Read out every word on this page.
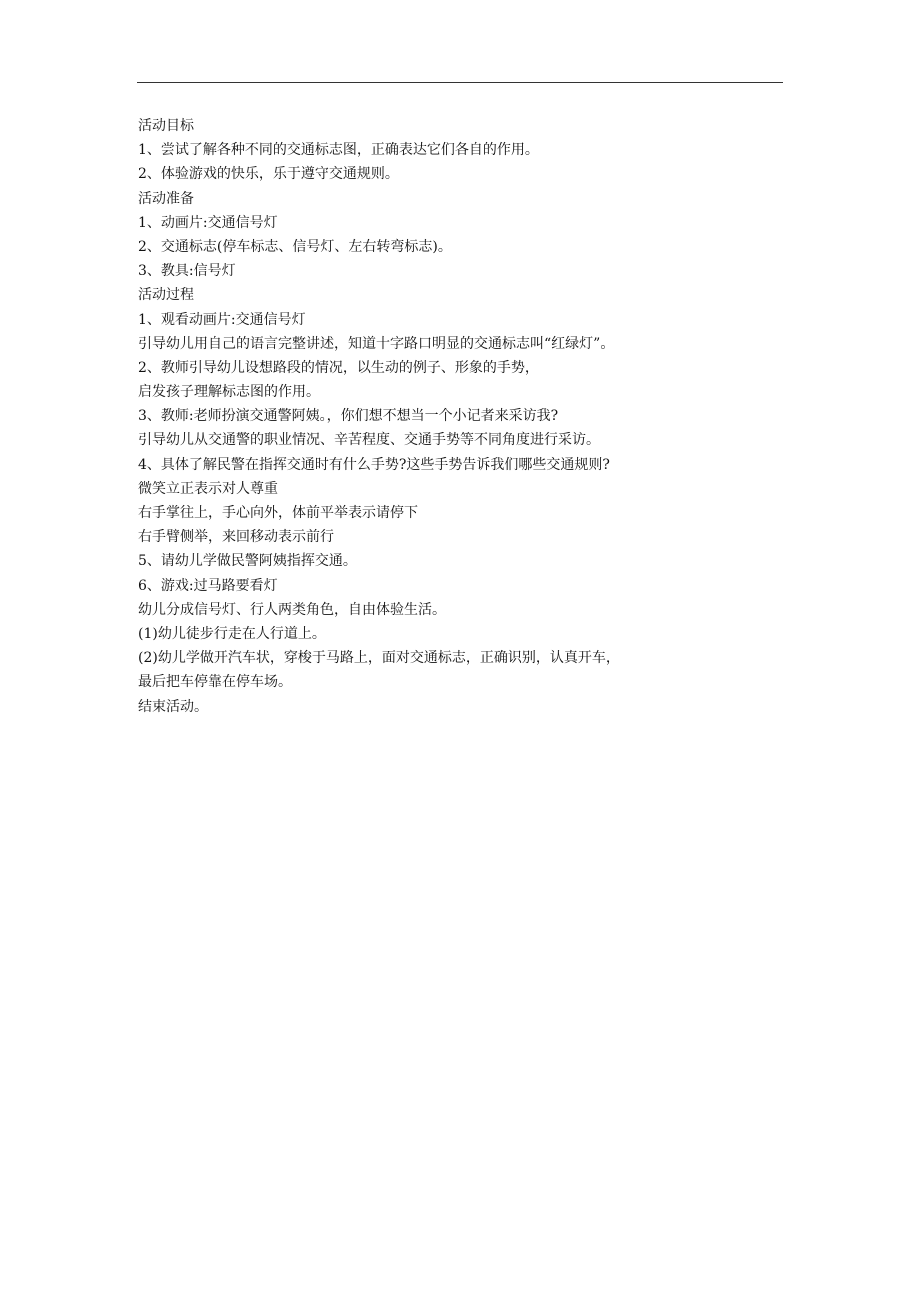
活动目标
1、尝试了解各种不同的交通标志图，正确表达它们各自的作用。
2、体验游戏的快乐，乐于遵守交通规则。
活动准备
1、动画片:交通信号灯
2、交通标志(停车标志、信号灯、左右转弯标志)。
3、教具:信号灯
活动过程
1、观看动画片:交通信号灯
引导幼儿用自己的语言完整讲述，知道十字路口明显的交通标志叫“红绿灯”。
2、教师引导幼儿设想路段的情况，以生动的例子、形象的手势，
启发孩子理解标志图的作用。
3、教师:老师扮演交通警阿姨。，你们想不想当一个小记者来采访我?
引导幼儿从交通警的职业情况、辛苦程度、交通手势等不同角度进行采访。
4、具体了解民警在指挥交通时有什么手势?这些手势告诉我们哪些交通规则?
微笑立正表示对人尊重
右手掌往上，手心向外，体前平举表示请停下
右手臂侧举，来回移动表示前行
5、请幼儿学做民警阿姨指挥交通。
6、游戏:过马路要看灯
幼儿分成信号灯、行人两类角色，自由体验生活。
(1)幼儿徒步行走在人行道上。
(2)幼儿学做开汽车状，穿梭于马路上，面对交通标志，正确识别，认真开车，
最后把车停靠在停车场。
结束活动。
